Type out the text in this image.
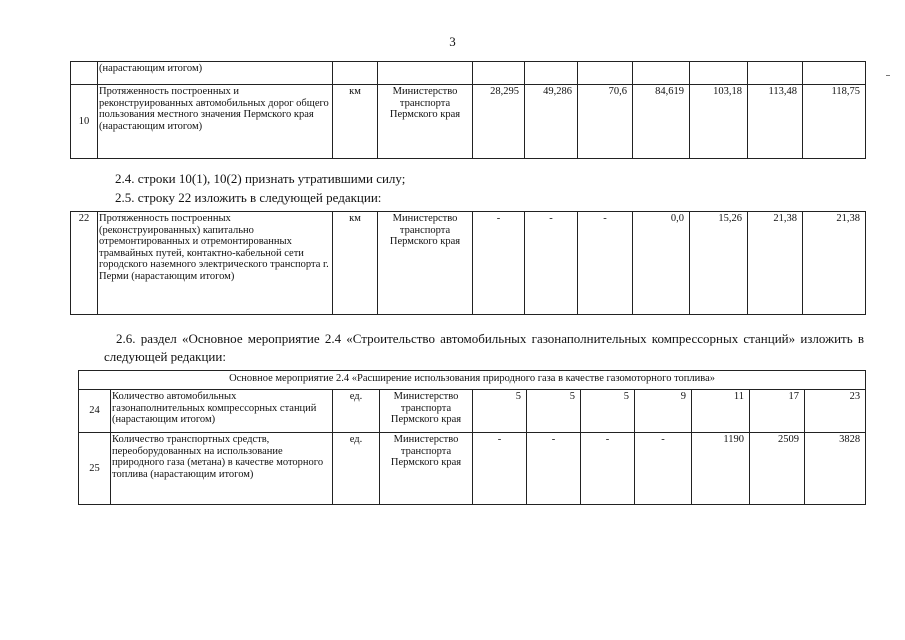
3
	(нарастающим итогом)									
10	Протяженность построенных и реконструированных автомобильных дорог общего пользования местного значения Пермского края (нарастающим итогом)	км	Министерство транспорта Пермского края	28,295	49,286	70,6	84,619	103,18	113,48	118,75
2.4. строки 10(1), 10(2) признать утратившими силу;
2.5. строку 22 изложить в следующей редакции:
22	Протяженность построенных (реконструированных) капитально отремонтированных и отремонтированных трамвайных путей, контактно-кабельной сети городского наземного электрического транспорта г. Перми (нарастающим итогом)	км	Министерство транспорта Пермского края	-	-	-	0,0	15,26	21,38	21,38
2.6. раздел «Основное мероприятие 2.4 «Строительство автомобильных газонаполнительных компрессорных станций» изложить в следующей редакции:
Основное мероприятие 2.4 «Расширение использования природного газа в качестве газомоторного топлива»										
24	Количество автомобильных газонаполнительных компрессорных станций (нарастающим итогом)	ед.	Министерство транспорта Пермского края	5	5	5	9	11	17	23
25	Количество транспортных средств, переоборудованных на использование природного газа (метана) в качестве моторного топлива (нарастающим итогом)	ед.	Министерство транспорта Пермского края	-	-	-	-	1190	2509	3828
